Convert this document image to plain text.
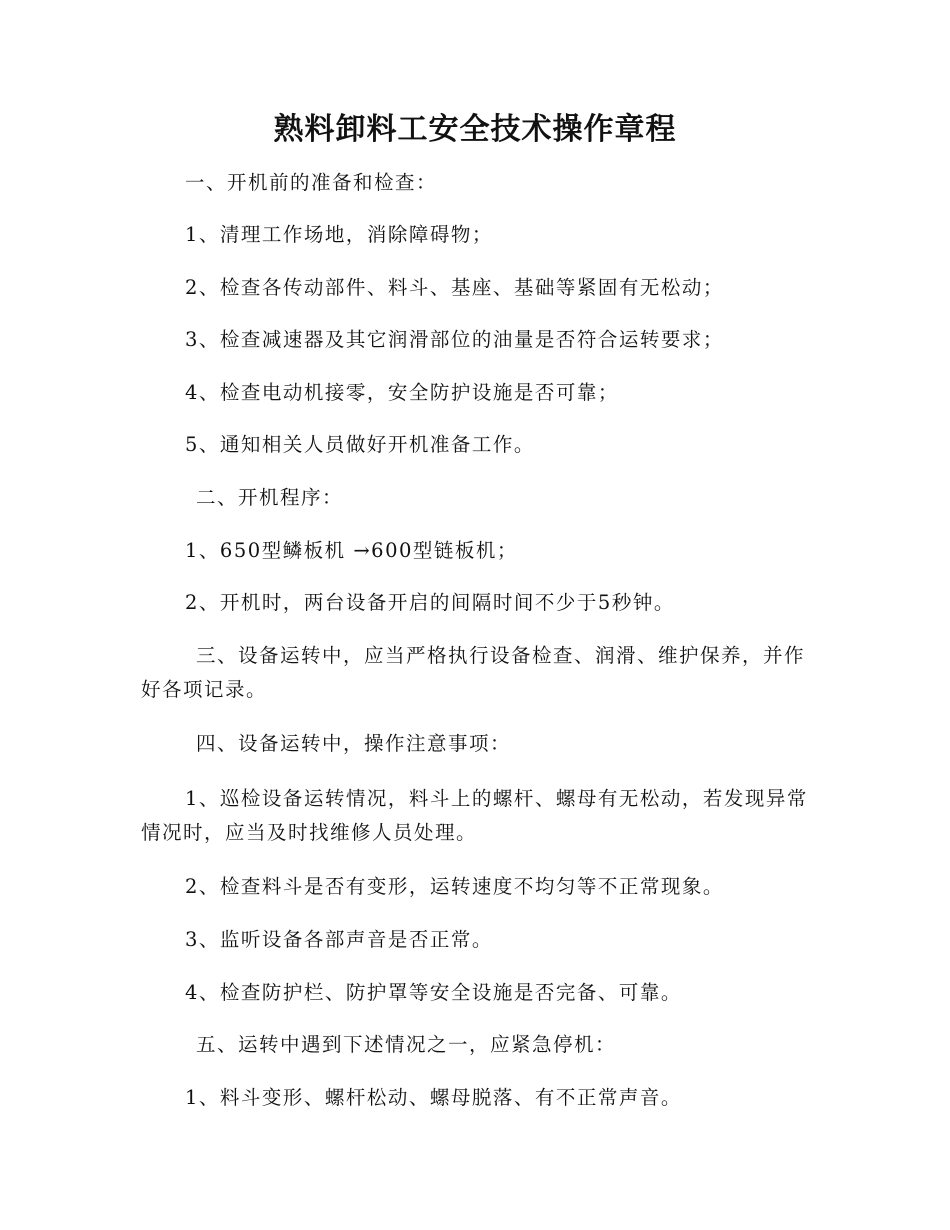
熟料卸料工安全技术操作章程

一、开机前的准备和检查：

1、清理工作场地，消除障碍物；

2、检查各传动部件、料斗、基座、基础等紧固有无松动；

3、检查减速器及其它润滑部位的油量是否符合运转要求；

4、检查电动机接零，安全防护设施是否可靠；

5、通知相关人员做好开机准备工作。

二、开机程序：

1、650型鳞板机 →600型链板机；

2、开机时，两台设备开启的间隔时间不少于5秒钟。

三、设备运转中，应当严格执行设备检查、润滑、维护保养，并作好各项记录。

四、设备运转中，操作注意事项：

1、巡检设备运转情况，料斗上的螺杆、螺母有无松动，若发现异常情况时，应当及时找维修人员处理。

2、检查料斗是否有变形，运转速度不均匀等不正常现象。

3、监听设备各部声音是否正常。

4、检查防护栏、防护罩等安全设施是否完备、可靠。

五、运转中遇到下述情况之一，应紧急停机：

1、料斗变形、螺杆松动、螺母脱落、有不正常声音。
